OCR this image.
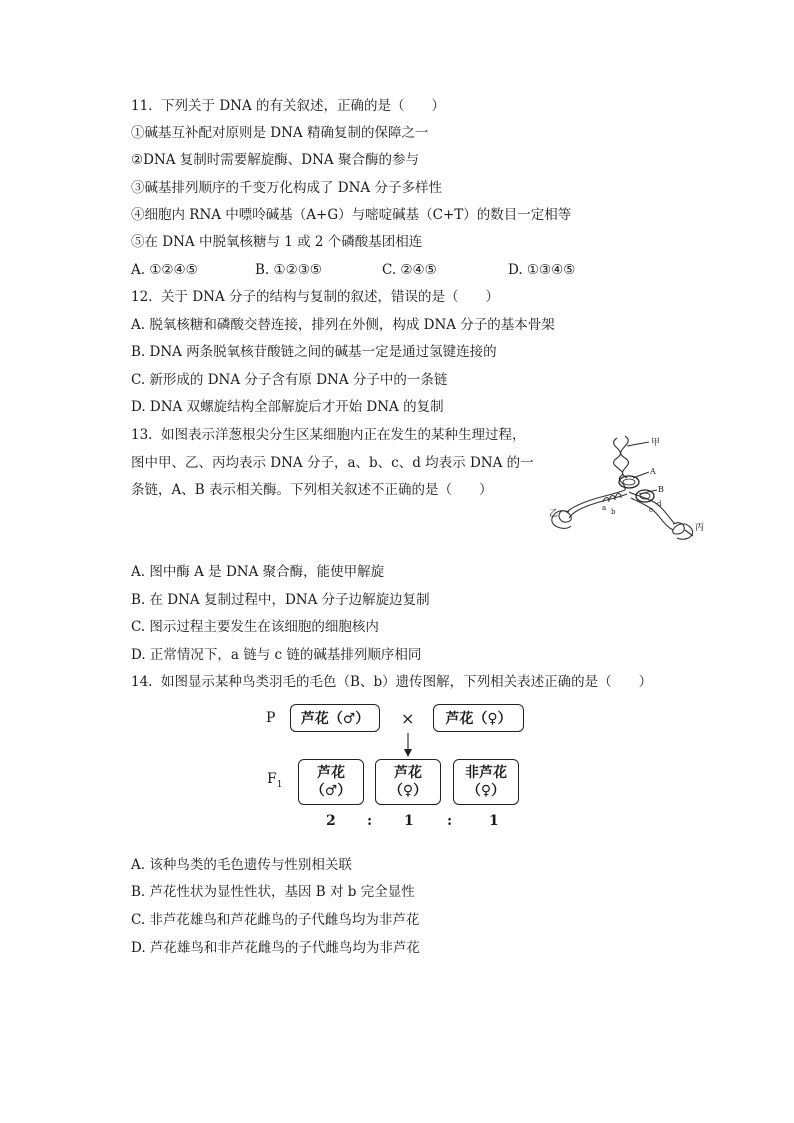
11.  下列关于 DNA 的有关叙述，正确的是（　　）
①碱基互补配对原则是 DNA 精确复制的保障之一
②DNA 复制时需要解旋酶、DNA 聚合酶的参与
③碱基排列顺序的千变万化构成了 DNA 分子多样性
④细胞内 RNA 中嘌呤碱基（A+G）与嘧啶碱基（C+T）的数目一定相等
⑤在 DNA 中脱氧核糖与 1 或 2 个磷酸基团相连
A. ①②④⑤	B. ①②③⑤	C. ②④⑤	D. ①③④⑤
12.  关于 DNA 分子的结构与复制的叙述，错误的是（　　）
A. 脱氧核糖和磷酸交替连接，排列在外侧，构成 DNA 分子的基本骨架
B. DNA 两条脱氧核苷酸链之间的碱基一定是通过氢键连接的
C. 新形成的 DNA 分子含有原 DNA 分子中的一条链
D. DNA 双螺旋结构全部解旋后才开始 DNA 的复制
13.  如图表示洋葱根尖分生区某细胞内正在发生的某种生理过程，
图中甲、乙、丙均表示 DNA 分子，a、b、c、d 均表示 DNA 的一
条链，A、B 表示相关酶。下列相关叙述不正确的是（　　）
甲
A
B
a b	c
d
乙
丙
A. 图中酶 A 是 DNA 聚合酶，能使甲解旋
B. 在 DNA 复制过程中，DNA 分子边解旋边复制
C. 图示过程主要发生在该细胞的细胞核内
D. 正常情况下，a 链与 c 链的碱基排列顺序相同
14.  如图显示某种鸟类羽毛的毛色（B、b）遗传图解，下列相关表述正确的是（　　）
P	芦花（♂）	×	芦花（♀）
$F_1$
芦花
（♂）
芦花
（♀）
非芦花
（♀）
2 : 1 :	1
A. 该种鸟类的毛色遗传与性别相关联
B. 芦花性状为显性性状，基因 B 对 b 完全显性
C. 非芦花雄鸟和芦花雌鸟的子代雌鸟均为非芦花
D. 芦花雄鸟和非芦花雌鸟的子代雌鸟均为非芦花
